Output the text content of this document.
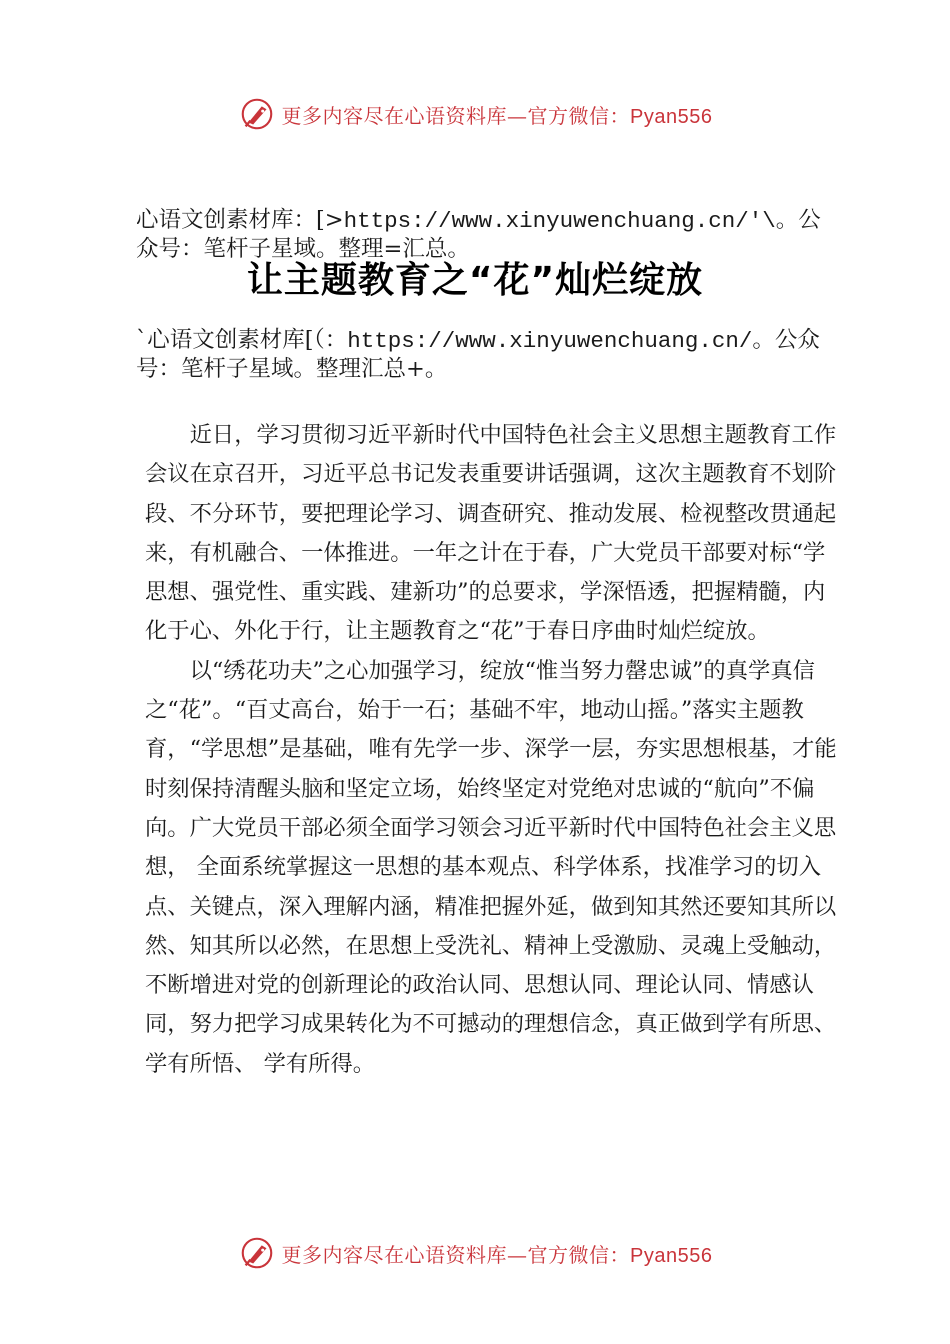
更多内容尽在心语资料库—官方微信：Pyan556

心语文创素材库：[>https://www.xinyuwenchuang.cn/'\。公众号：笔杆子星域。整理=汇总。

让主题教育之“花”灿烂绽放

`心语文创素材库[（：https://www.xinyuwenchuang.cn/。公众号：笔杆子星域。整理汇总+。

近日，学习贯彻习近平新时代中国特色社会主义思想主题教育工作会议在京召开，习近平总书记发表重要讲话强调，这次主题教育不划阶段、不分环节，要把理论学习、调查研究、推动发展、检视整改贯通起来，有机融合、一体推进。一年之计在于春，广大党员干部要对标“学思想、强党性、重实践、建新功”的总要求，学深悟透，把握精髓，内化于心、外化于行，让主题教育之“花”于春日序曲时灿烂绽放。

以“绣花功夫”之心加强学习，绽放“惟当努力罄忠诚”的真学真信之“花”。“百丈高台，始于一石；基础不牢，地动山摇。”落实主题教育，“学思想”是基础，唯有先学一步、深学一层，夯实思想根基，才能时刻保持清醒头脑和坚定立场，始终坚定对党绝对忠诚的“航向”不偏向。广大党员干部必须全面学习领会习近平新时代中国特色社会主义思想， 全面系统掌握这一思想的基本观点、科学体系，找准学习的切入点、关键点，深入理解内涵，精准把握外延，做到知其然还要知其所以然、知其所以必然，在思想上受洗礼、精神上受激励、灵魂上受触动，不断增进对党的创新理论的政治认同、思想认同、理论认同、情感认同，努力把学习成果转化为不可撼动的理想信念，真正做到学有所思、学有所悟、 学有所得。

更多内容尽在心语资料库—官方微信：Pyan556
